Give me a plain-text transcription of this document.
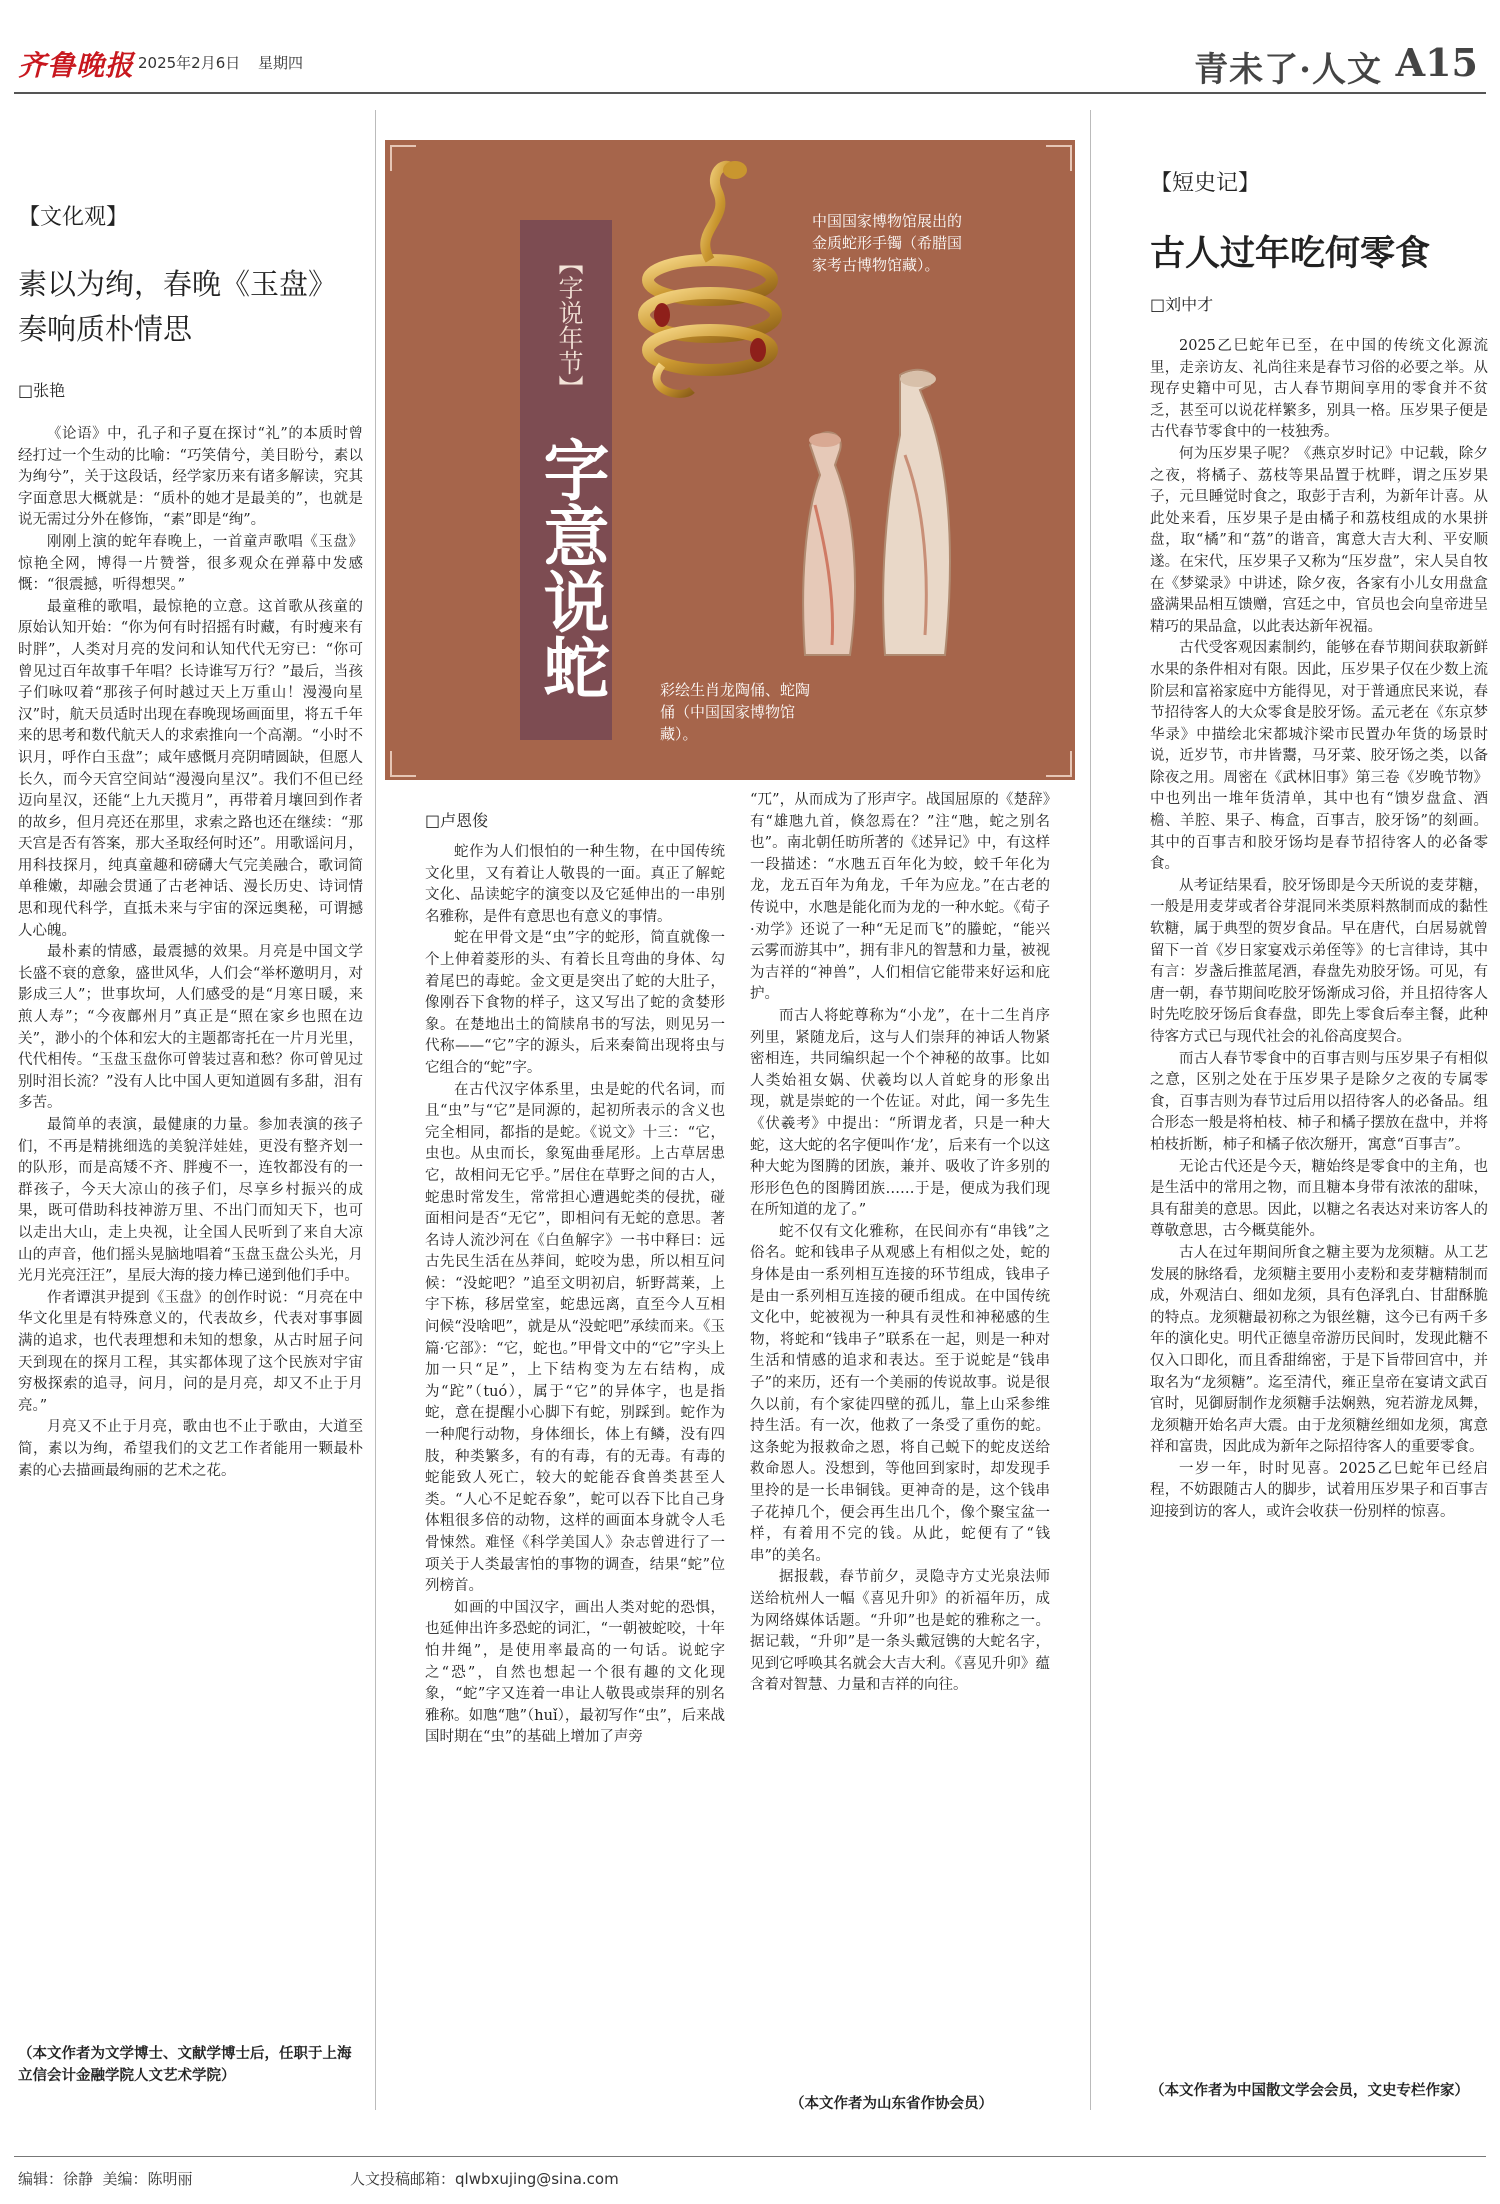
齐鲁晚报 2025年2月6日 星期四	青未了·人文 A15
【文化观】
素以为绚，春晚《玉盘》奏响质朴情思
□张艳

《论语》中，孔子和子夏在探讨“礼”的本质时曾经打过一个生动的比喻：“巧笑倩兮，美目盼兮，素以为绚兮”，关于这段话，经学家历来有诸多解读，究其字面意思大概就是：“质朴的她才是最美的”，也就是说无需过分外在修饰，“素”即是“绚”。

刚刚上演的蛇年春晚上，一首童声歌唱《玉盘》惊艳全网，博得一片赞誉，很多观众在弹幕中发感慨：“很震撼，听得想哭。”

最童稚的歌唱，最惊艳的立意。这首歌从孩童的原始认知开始：“你为何有时招摇有时藏，有时瘦来有时胖”，人类对月亮的发问和认知代代无穷已：“你可曾见过百年故事千年唱？长诗谁写万行？”最后，当孩子们咏叹着“那孩子何时越过天上万重山！漫漫向星汉”时，航天员适时出现在春晚现场画面里，将五千年来的思考和数代航天人的求索推向一个高潮。“小时不识月，呼作白玉盘”；咸年感慨月亮阴晴圆缺，但愿人长久，而今天宫空间站“漫漫向星汉”。我们不但已经迈向星汉，还能“上九天揽月”，再带着月壤回到作者的故乡，但月亮还在那里，求索之路也还在继续：“那天宫是否有答案，那大圣取经何时还”。用歌谣问月，用科技探月，纯真童趣和磅礴大气完美融合，歌词简单稚嫩，却融会贯通了古老神话、漫长历史、诗词情思和现代科学，直抵未来与宇宙的深远奥秘，可谓撼人心魄。

最朴素的情感，最震撼的效果。月亮是中国文学长盛不衰的意象，盛世风华，人们会“举杯邀明月，对影成三人”；世事坎坷，人们感受的是“月寒日暖，来煎人寿”；“今夜鄜州月”真正是“照在家乡也照在边关”，渺小的个体和宏大的主题都寄托在一片月光里，代代相传。“玉盘玉盘你可曾装过喜和愁？你可曾见过别时泪长流？”没有人比中国人更知道圆有多甜，泪有多苦。

最简单的表演，最健康的力量。参加表演的孩子们，不再是精挑细选的美貌洋娃娃，更没有整齐划一的队形，而是高矮不齐、胖瘦不一，连牧都没有的一群孩子，今天大凉山的孩子们，尽享乡村振兴的成果，既可借助科技神游万里、不出门而知天下，也可以走出大山，走上央视，让全国人民听到了来自大凉山的声音，他们摇头晃脑地唱着“玉盘玉盘公头光，月光月光亮汪汪”，星辰大海的接力棒已递到他们手中。

作者谭淇尹提到《玉盘》的创作时说：“月亮在中华文化里是有特殊意义的，代表故乡，代表对事事圆满的追求，也代表理想和未知的想象，从古时屈子问天到现在的探月工程，其实都体现了这个民族对宇宙穷极探索的追寻，问月，问的是月亮，却又不止于月亮。”

月亮又不止于月亮，歌由也不止于歌由，大道至简，素以为绚，希望我们的文艺工作者能用一颗最朴素的心去描画最绚丽的艺术之花。

（本文作者为文学博士、文献学博士后，任职于上海立信会计金融学院人文艺术学院）
【字说年节】
字意说蛇
中国国家博物馆展出的金质蛇形手镯（希腊国家考古博物馆藏）。
彩绘生肖龙陶俑、蛇陶俑（中国国家博物馆藏）。
□卢恩俊

蛇作为人们恨怕的一种生物，在中国传统文化里，又有着让人敬畏的一面。真正了解蛇文化、品读蛇字的演变以及它延伸出的一串别名雅称，是件有意思也有意义的事情。

蛇在甲骨文是“虫”字的蛇形，简直就像一个上伸着菱形的头、有着长且弯曲的身体、勾着尾巴的毒蛇。金文更是突出了蛇的大肚子，像刚吞下食物的样子，这又写出了蛇的贪婪形象。在楚地出土的简牍帛书的写法，则见另一代称——“它”字的源头，后来秦简出现将虫与它组合的“蛇”字。

在古代汉字体系里，虫是蛇的代名词，而且“虫”与“它”是同源的，起初所表示的含义也完全相同，都指的是蛇。《说文》十三：“它，虫也。从虫而长，象冤曲垂尾形。上古草居患它，故相问无它乎。”居住在草野之间的古人，蛇患时常发生，常常担心遭遇蛇类的侵扰，碰面相问是否“无它”，即相问有无蛇的意思。著名诗人流沙河在《白鱼解字》一书中释曰：远古先民生活在丛莽间，蛇咬为患，所以相互问候：“没蛇吧？”追至文明初启，斩野蒿莱，上宇下栋，移居堂室，蛇患远离，直至今人互相问候“没啥吧”，就是从“没蛇吧”承续而来。《玉篇·它部》：“它，蛇也。”甲骨文中的“它”字头上加一只“足”，上下结构变为左右结构，成为“跎”（tuó），属于“它”的异体字，也是指蛇，意在提醒小心脚下有蛇，别踩到。蛇作为一种爬行动物，身体细长，体上有鳞，没有四肢，种类繁多，有的有毒，有的无毒。有毒的蛇能致人死亡，较大的蛇能吞食兽类甚至人类。“人心不足蛇吞象”，蛇可以吞下比自己身体粗很多倍的动物，这样的画面本身就令人毛骨悚然。难怪《科学美国人》杂志曾进行了一项关于人类最害怕的事物的调查，结果“蛇”位列榜首。

如画的中国汉字，画出人类对蛇的恐惧，也延伸出许多恐蛇的词汇，“一朝被蛇咬，十年怕井绳”，是使用率最高的一句话。说蛇字之“恐”，自然也想起一个很有趣的文化现象，“蛇”字又连着一串让人敬畏或崇拜的别名雅称。如虺“虺”（huǐ），最初写作“虫”，后来战国时期在“虫”的基础上增加了声旁

“兀”，从而成为了形声字。战国屈原的《楚辞》有“雄虺九首，倏忽焉在？”注“虺，蛇之别名也”。南北朝任昉所著的《述异记》中，有这样一段描述：“水虺五百年化为蛟，蛟千年化为龙，龙五百年为角龙，千年为应龙。”在古老的传说中，水虺是能化而为龙的一种水蛇。《荀子·劝学》还说了一种“无足而飞”的螣蛇，“能兴云雾而游其中”，拥有非凡的智慧和力量，被视为吉祥的“神兽”，人们相信它能带来好运和庇护。

而古人将蛇尊称为“小龙”，在十二生肖序列里，紧随龙后，这与人们崇拜的神话人物紧密相连，共同编织起一个个神秘的故事。比如人类始祖女娲、伏羲均以人首蛇身的形象出现，就是崇蛇的一个佐证。对此，闻一多先生《伏羲考》中提出：“所谓龙者，只是一种大蛇，这大蛇的名字便叫作‘龙’，后来有一个以这种大蛇为图腾的团族，兼并、吸收了许多别的形形色色的图腾团族……于是，便成为我们现在所知道的龙了。”

蛇不仅有文化雅称，在民间亦有“串钱”之俗名。蛇和钱串子从观感上有相似之处，蛇的身体是由一系列相互连接的环节组成，钱串子是由一系列相互连接的硬币组成。在中国传统文化中，蛇被视为一种具有灵性和神秘感的生物，将蛇和“钱串子”联系在一起，则是一种对生活和情感的追求和表达。至于说蛇是“钱串子”的来历，还有一个美丽的传说故事。说是很久以前，有个家徒四壁的孤儿，靠上山采参维持生活。有一次，他救了一条受了重伤的蛇。这条蛇为报救命之恩，将自己蜕下的蛇皮送给救命恩人。没想到，等他回到家时，却发现手里拎的是一长串铜钱。更神奇的是，这个钱串子花掉几个，便会再生出几个，像个聚宝盆一样，有着用不完的钱。从此，蛇便有了“钱串”的美名。

据报载，春节前夕，灵隐寺方丈光泉法师送给杭州人一幅《喜见升卯》的祈福年历，成为网络媒体话题。“升卯”也是蛇的雅称之一。据记载，“升卯”是一条头戴冠镌的大蛇名字，见到它呼唤其名就会大吉大利。《喜见升卯》蕴含着对智慧、力量和吉祥的向往。

（本文作者为山东省作协会员）
【短史记】
古人过年吃何零食
□刘中才

2025乙巳蛇年已至，在中国的传统文化源流里，走亲访友、礼尚往来是春节习俗的必要之举。从现存史籍中可见，古人春节期间享用的零食并不贫乏，甚至可以说花样繁多，别具一格。压岁果子便是古代春节零食中的一枝独秀。

何为压岁果子呢？《燕京岁时记》中记载，除夕之夜，将橘子、荔枝等果品置于枕畔，谓之压岁果子，元旦睡觉时食之，取彭于吉利，为新年计喜。从此处来看，压岁果子是由橘子和荔枝组成的水果拼盘，取“橘”和“荔”的谐音，寓意大吉大利、平安顺遂。在宋代，压岁果子又称为“压岁盘”，宋人吴自牧在《梦粱录》中讲述，除夕夜，各家有小儿女用盘盒盛满果品相互馈赠，宫廷之中，官员也会向皇帝进呈精巧的果品盒，以此表达新年祝福。

古代受客观因素制约，能够在春节期间获取新鲜水果的条件相对有限。因此，压岁果子仅在少数上流阶层和富裕家庭中方能得见，对于普通庶民来说，春节招待客人的大众零食是胶牙饧。孟元老在《东京梦华录》中描绘北宋都城汴梁市民置办年货的场景时说，近岁节，市井皆鬻，马牙菜、胶牙饧之类，以备除夜之用。周密在《武林旧事》第三卷《岁晚节物》中也列出一堆年货清单，其中也有“馈岁盘盒、酒檐、羊腔、果子、梅盒，百事吉，胶牙饧”的刻画。其中的百事吉和胶牙饧均是春节招待客人的必备零食。

从考证结果看，胶牙饧即是今天所说的麦芽糖，一般是用麦芽或者谷芽混同米类原料熬制而成的黏性软糖，属于典型的贺岁食品。早在唐代，白居易就曾留下一首《岁日家宴戏示弟侄等》的七言律诗，其中有言：岁盏后推蓝尾酒，春盘先劝胶牙饧。可见，有唐一朝，春节期间吃胶牙饧渐成习俗，并且招待客人时先吃胶牙饧后食春盘，即先上零食后奉主餐，此种待客方式已与现代社会的礼俗高度契合。

而古人春节零食中的百事吉则与压岁果子有相似之意，区别之处在于压岁果子是除夕之夜的专属零食，百事吉则为春节过后用以招待客人的必备品。组合形态一般是将柏枝、柿子和橘子摆放在盘中，并将柏枝折断，柿子和橘子依次掰开，寓意“百事吉”。

无论古代还是今天，糖始终是零食中的主角，也是生活中的常用之物，而且糖本身带有浓浓的甜味，具有甜美的意思。因此，以糖之名表达对来访客人的尊敬意思，古今概莫能外。

古人在过年期间所食之糖主要为龙须糖。从工艺发展的脉络看，龙须糖主要用小麦粉和麦芽糖精制而成，外观洁白、细如龙须，具有色泽乳白、甘甜酥脆的特点。龙须糖最初称之为银丝糖，这今已有两千多年的演化史。明代正德皇帝游历民间时，发现此糖不仅入口即化，而且香甜绵密，于是下旨带回宫中，并取名为“龙须糖”。迄至清代，雍正皇帝在宴请文武百官时，见御厨制作龙须糖手法娴熟，宛若游龙凤舞，龙须糖开始名声大震。由于龙须糖丝细如龙须，寓意祥和富贵，因此成为新年之际招待客人的重要零食。

一岁一年，时时见喜。2025乙巳蛇年已经启程，不妨跟随古人的脚步，试着用压岁果子和百事吉迎接到访的客人，或许会收获一份别样的惊喜。

（本文作者为中国散文学会会员，文史专栏作家）
编辑：徐静  美编：陈明丽	人文投稿邮箱：qlwbxujing@sina.com
